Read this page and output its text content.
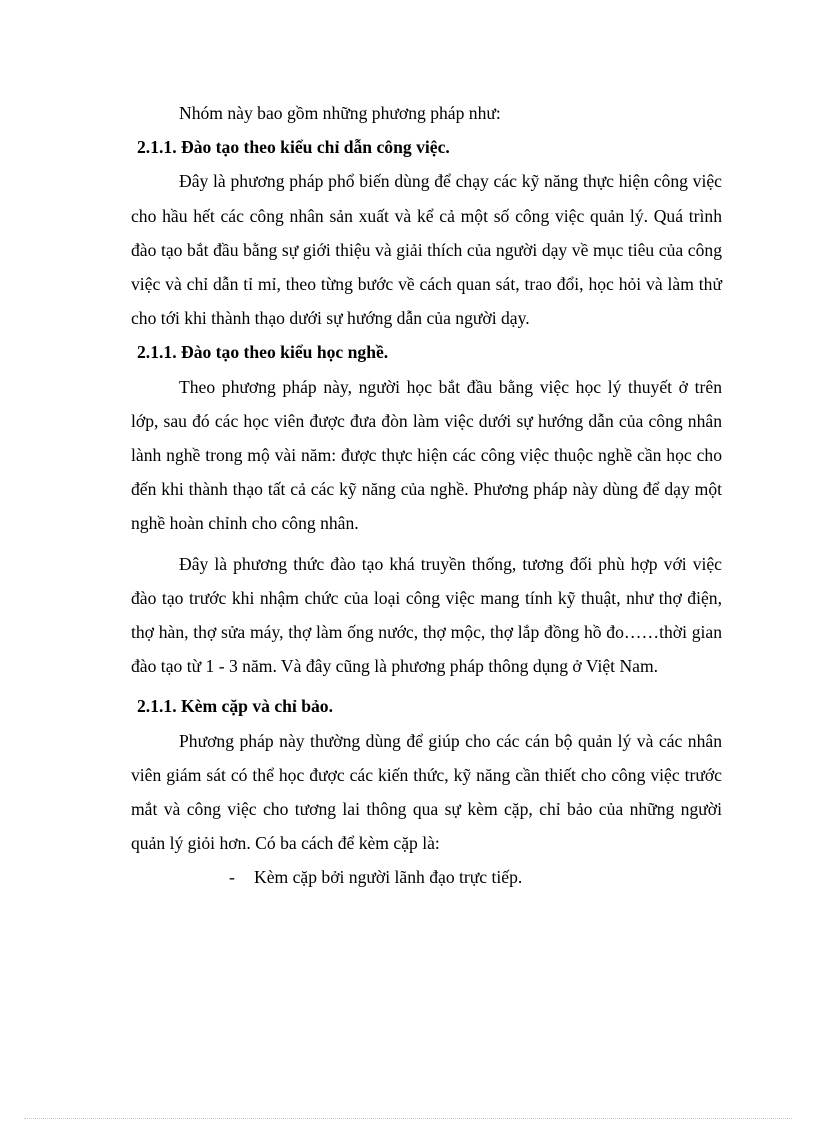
Nhóm này bao gồm những phương pháp như:

2.1.1. Đào tạo theo kiểu chỉ dẫn công việc.

Đây là phương pháp phổ biến dùng để chạy các kỹ năng thực hiện công việc cho hầu hết các công nhân sản xuất và kể cả một số công việc quản lý. Quá trình đào tạo bắt đầu bằng sự giới thiệu và giải thích của người dạy về mục tiêu của công việc và chỉ dẫn tỉ mỉ, theo từng bước về cách quan sát, trao đổi, học hỏi và làm thử cho tới khi thành thạo dưới sự hướng dẫn của người dạy.

2.1.1. Đào tạo theo kiểu học nghề.

Theo phương pháp này, người học bắt đầu bằng việc học lý thuyết ở trên lớp, sau đó các học viên được đưa đòn làm việc dưới sự hướng dẫn của công nhân lành nghề trong mộ vài năm: được thực hiện các công việc thuộc nghề cần học cho đến khi thành thạo tất cả các kỹ năng của nghề. Phương pháp này dùng để dạy một nghề hoàn chỉnh cho công nhân.

Đây là phương thức đào tạo khá truyền thống, tương đối phù hợp với việc đào tạo trước khi nhậm chức của loại công việc mang tính kỹ thuật, như thợ điện, thợ hàn, thợ sửa máy, thợ làm ống nước, thợ mộc, thợ lắp đồng hồ đo……thời gian đào tạo từ 1 - 3 năm. Và đây cũng là phương pháp thông dụng ở Việt Nam.

2.1.1. Kèm cặp và chỉ bảo.

Phương pháp này thường dùng để giúp cho các cán bộ quản lý và các nhân viên giám sát có thể học được các kiến thức, kỹ năng cần thiết cho công việc trước mắt và công việc cho tương lai thông qua sự kèm cặp, chỉ bảo của những người quản lý giỏi hơn. Có ba cách để kèm cặp là:

-	Kèm cặp bởi người lãnh đạo trực tiếp.
